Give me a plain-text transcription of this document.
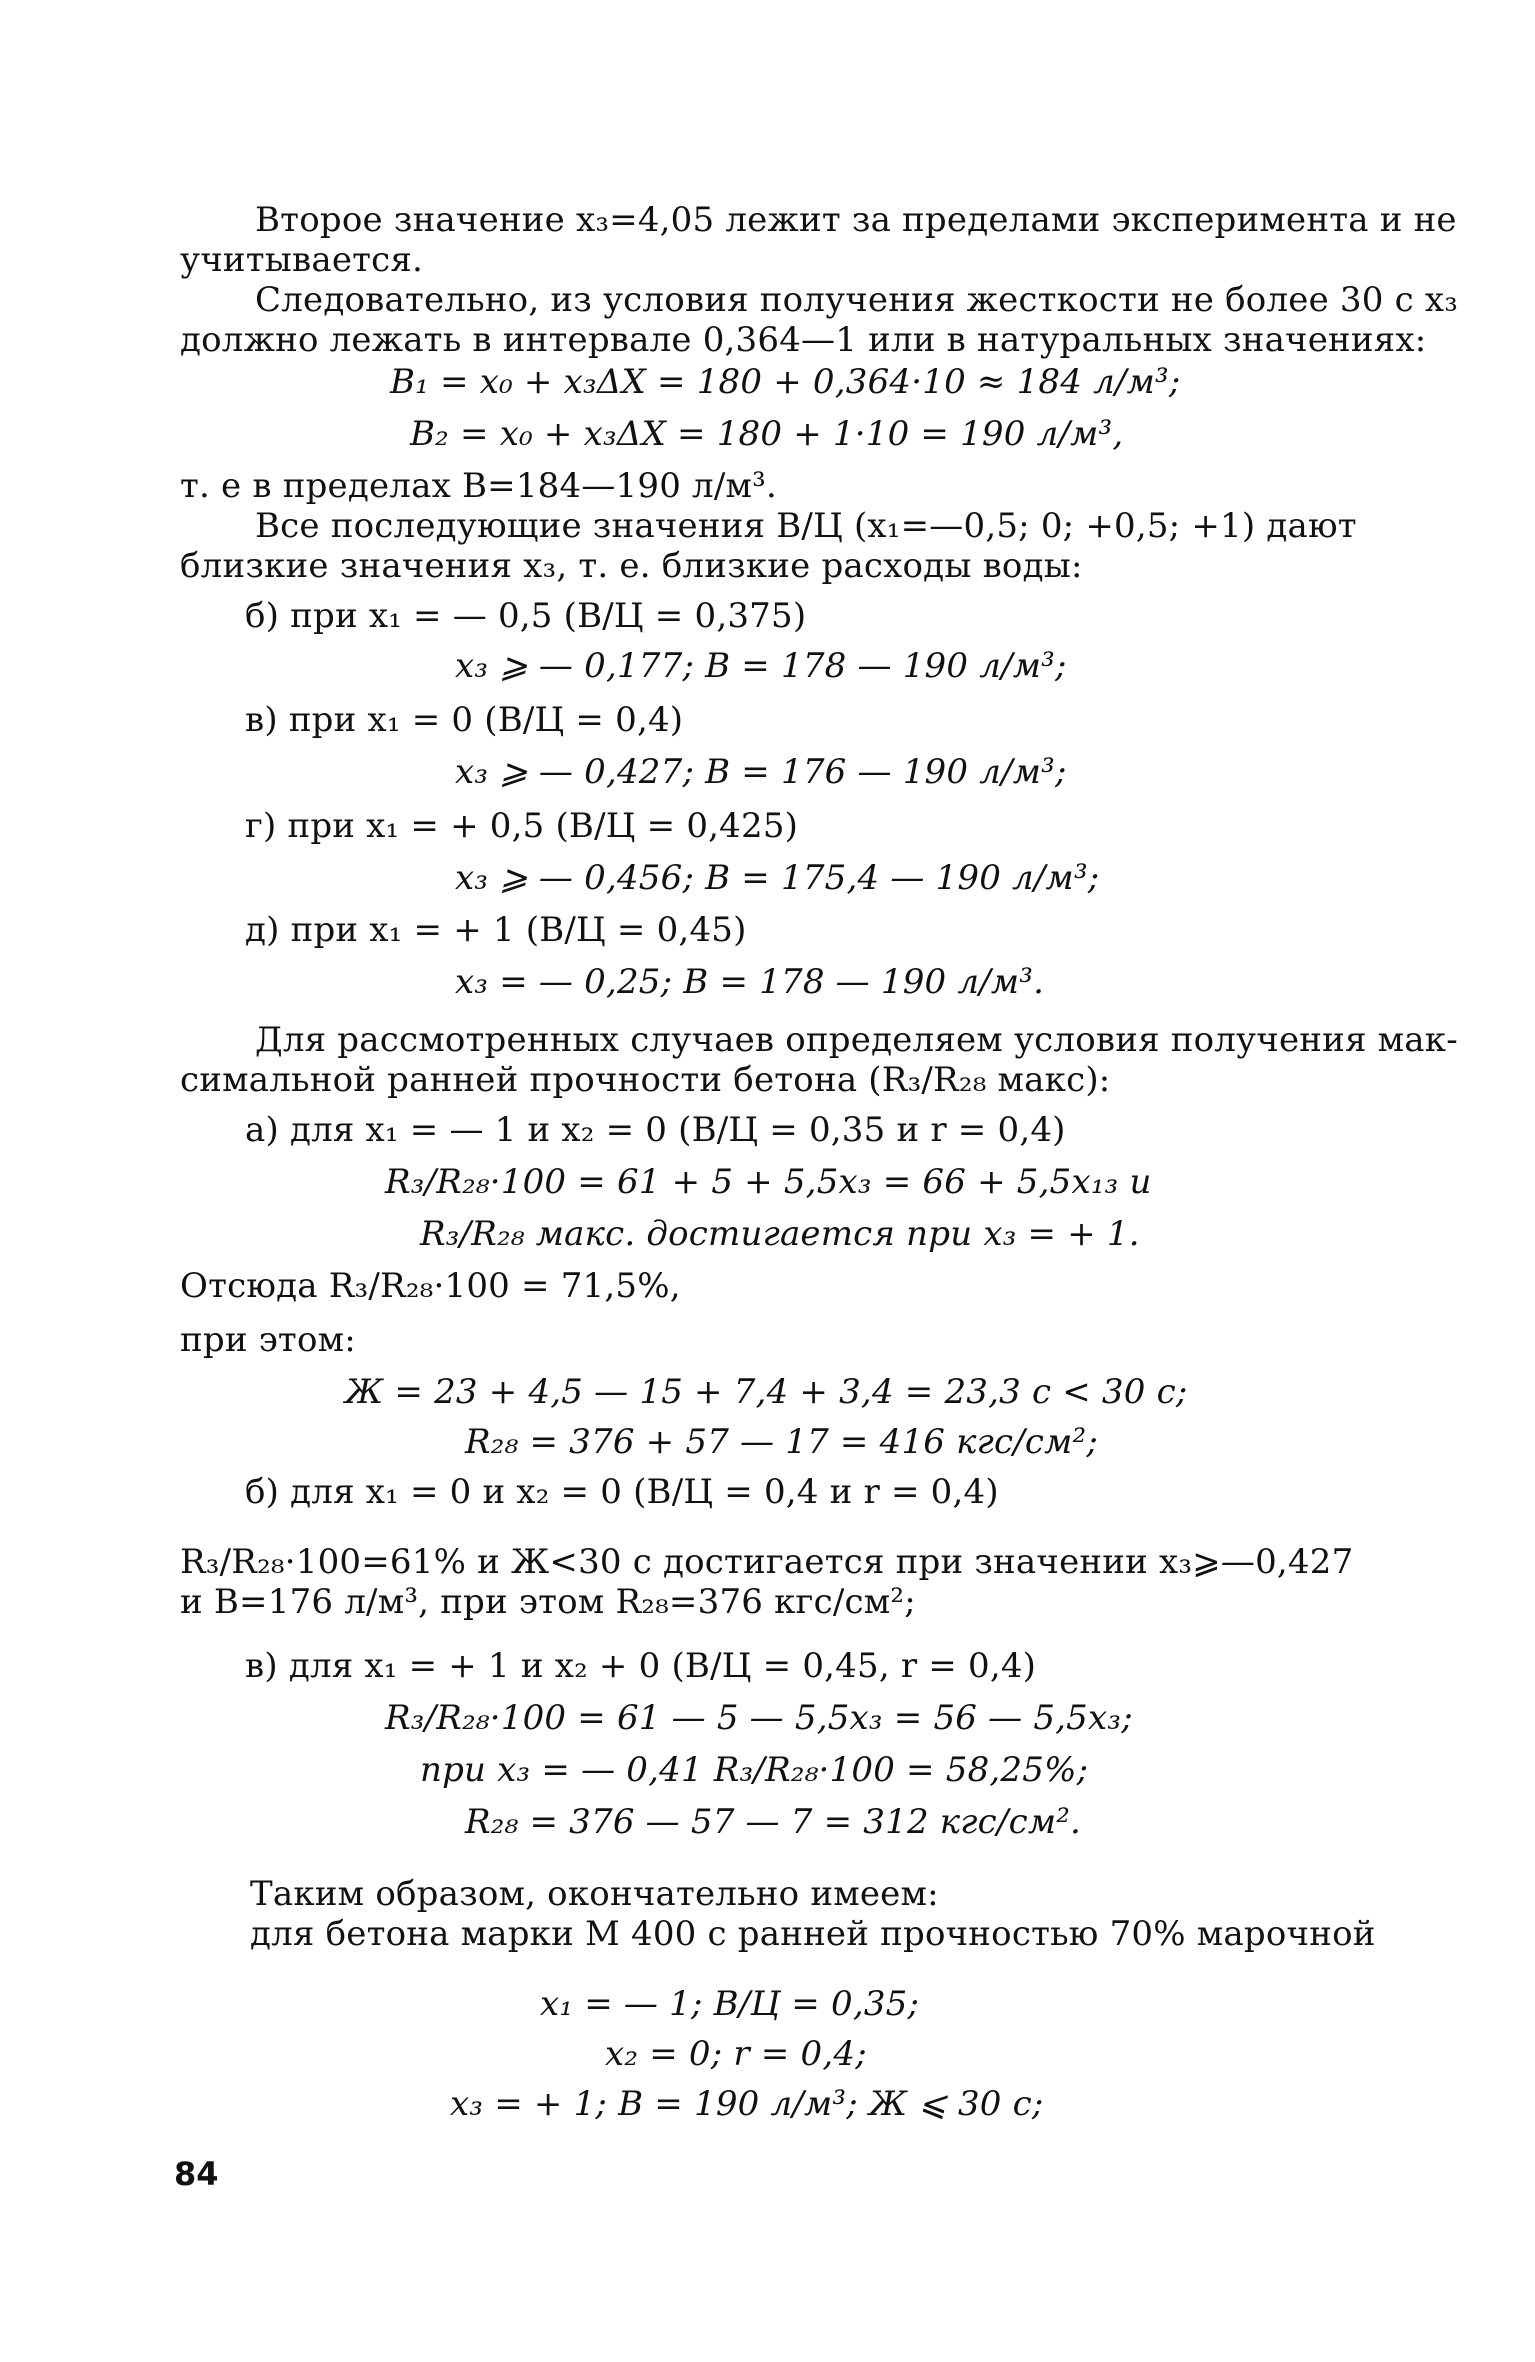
Второе значение x₃=4,05 лежит за пределами эксперимента и не
учитывается.
Следовательно, из условия получения жесткости не более 30 с x₃
должно лежать в интервале 0,364—1 или в натуральных значениях:
B₁ = x₀ + x₃ΔX = 180 + 0,364·10 ≈ 184 л/м³;
B₂ = x₀ + x₃ΔX = 180 + 1·10 = 190 л/м³,
т. е в пределах B=184—190 л/м³.
Все последующие значения В/Ц (x₁=—0,5; 0; +0,5; +1) дают
близкие значения x₃, т. е. близкие расходы воды:
б) при x₁ = — 0,5 (В/Ц = 0,375)
x₃ ⩾ — 0,177; B = 178 — 190 л/м³;
в) при x₁ = 0 (В/Ц = 0,4)
x₃ ⩾ — 0,427; B = 176 — 190 л/м³;
г) при x₁ = + 0,5 (В/Ц = 0,425)
x₃ ⩾ — 0,456; B = 175,4 — 190 л/м³;
д) при x₁ = + 1 (В/Ц = 0,45)
x₃ = — 0,25; B = 178 — 190 л/м³.
Для рассмотренных случаев определяем условия получения мак-
симальной ранней прочности бетона (R₃/R₂₈ макс):
а) для x₁ = — 1 и x₂ = 0 (В/Ц = 0,35 и r = 0,4)
R₃/R₂₈·100 = 61 + 5 + 5,5x₃ = 66 + 5,5x₁₃ и
R₃/R₂₈ макс. достигается при x₃ = + 1.
Отсюда R₃/R₂₈·100 = 71,5%,
при этом:
Ж = 23 + 4,5 — 15 + 7,4 + 3,4 = 23,3 с < 30 с;
R₂₈ = 376 + 57 — 17 = 416 кгс/см²;
б) для x₁ = 0 и x₂ = 0 (В/Ц = 0,4 и r = 0,4)
R₃/R₂₈·100=61% и Ж<30 с достигается при значении x₃⩾—0,427
и B=176 л/м³, при этом R₂₈=376 кгс/см²;
в) для x₁ = + 1 и x₂ + 0 (В/Ц = 0,45, r = 0,4)
R₃/R₂₈·100 = 61 — 5 — 5,5x₃ = 56 — 5,5x₃;
при x₃ = — 0,41 R₃/R₂₈·100 = 58,25%;
R₂₈ = 376 — 57 — 7 = 312 кгс/см².
Таким образом, окончательно имеем:
для бетона марки М 400 с ранней прочностью 70% марочной
x₁ = — 1; В/Ц = 0,35;
x₂ = 0; r = 0,4;
x₃ = + 1; B = 190 л/м³; Ж ⩽ 30 с;
84
